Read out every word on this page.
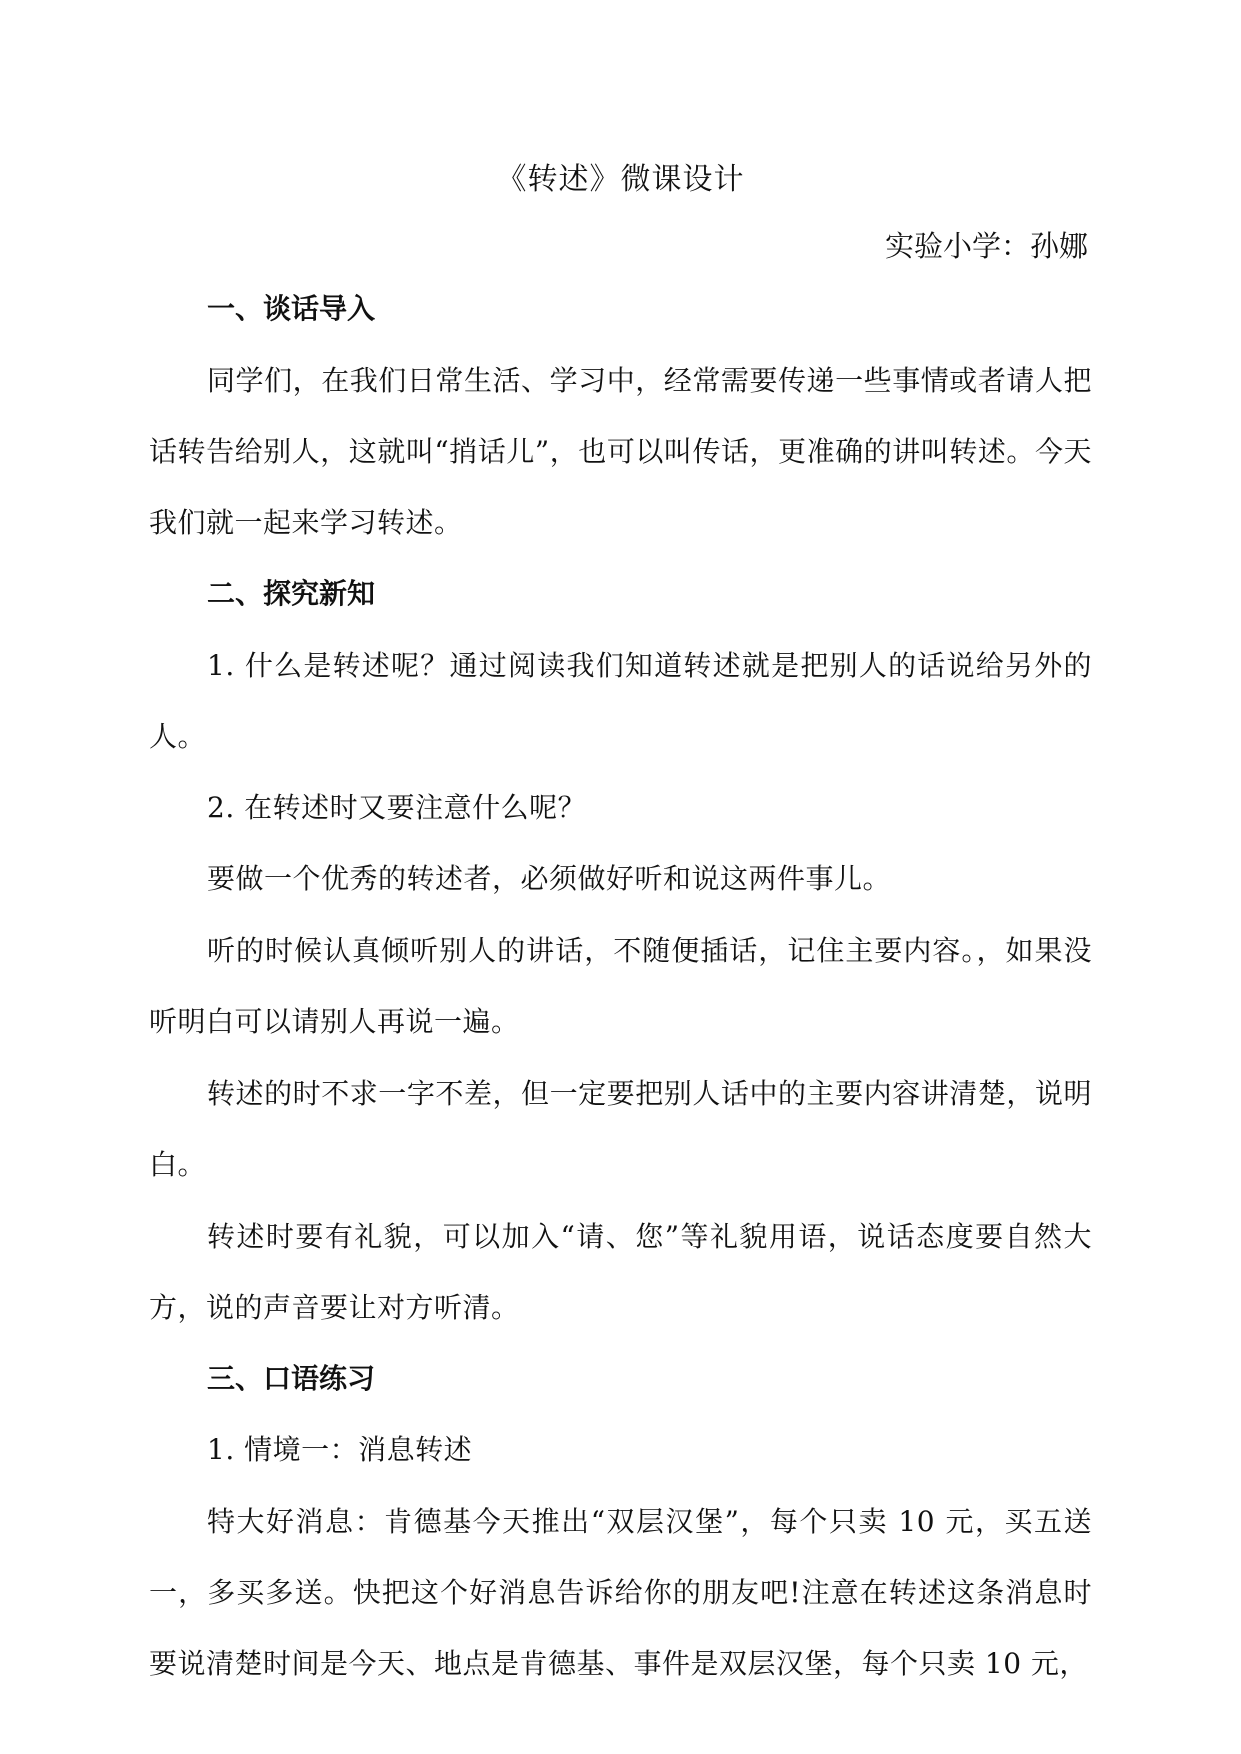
《转述》微课设计
实验小学：孙娜
一、谈话导入

同学们，在我们日常生活、学习中，经常需要传递一些事情或者请人把话转告给别人，这就叫“捎话儿”，也可以叫传话，更准确的讲叫转述。今天我们就一起来学习转述。

二、探究新知

1. 什么是转述呢？通过阅读我们知道转述就是把别人的话说给另外的人。

2. 在转述时又要注意什么呢？

要做一个优秀的转述者，必须做好听和说这两件事儿。

听的时候认真倾听别人的讲话，不随便插话，记住主要内容。，如果没听明白可以请别人再说一遍。

转述的时不求一字不差，但一定要把别人话中的主要内容讲清楚，说明白。

转述时要有礼貌，可以加入“请、您”等礼貌用语，说话态度要自然大方，说的声音要让对方听清。

三、口语练习

1. 情境一：消息转述

特大好消息：肯德基今天推出“双层汉堡”，每个只卖 10 元，买五送一，多买多送。快把这个好消息告诉给你的朋友吧!注意在转述这条消息时要说清楚时间是今天、地点是肯德基、事件是双层汉堡，每个只卖 10 元，
